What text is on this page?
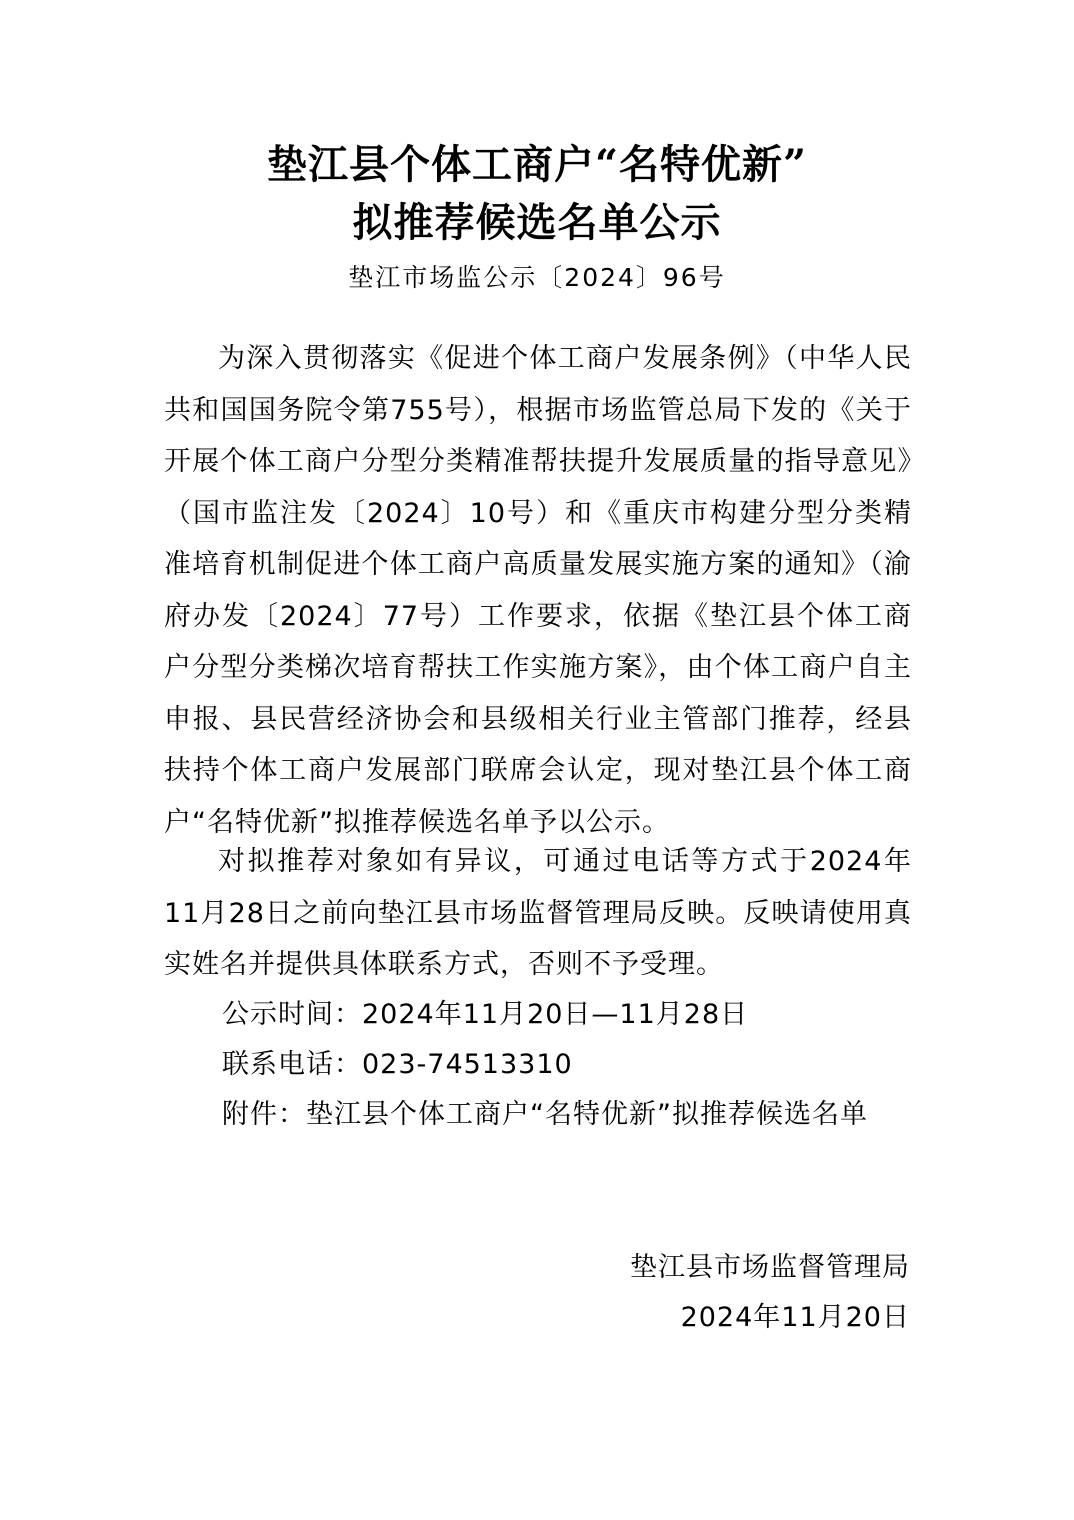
垫江县个体工商户“名特优新”
拟推荐候选名单公示
垫江市场监公示〔2024〕96号

为深入贯彻落实《促进个体工商户发展条例》（中华人民共和国国务院令第755号），根据市场监管总局下发的《关于开展个体工商户分型分类精准帮扶提升发展质量的指导意见》（国市监注发〔2024〕10号）和《重庆市构建分型分类精准培育机制促进个体工商户高质量发展实施方案的通知》（渝府办发〔2024〕77号）工作要求，依据《垫江县个体工商户分型分类梯次培育帮扶工作实施方案》，由个体工商户自主申报、县民营经济协会和县级相关行业主管部门推荐，经县扶持个体工商户发展部门联席会认定，现对垫江县个体工商户“名特优新”拟推荐候选名单予以公示。

对拟推荐对象如有异议，可通过电话等方式于2024年11月28日之前向垫江县市场监督管理局反映。反映请使用真实姓名并提供具体联系方式，否则不予受理。

公示时间：2024年11月20日—11月28日
联系电话：023-74513310
附件：垫江县个体工商户“名特优新”拟推荐候选名单
垫江县市场监督管理局
2024年11月20日
